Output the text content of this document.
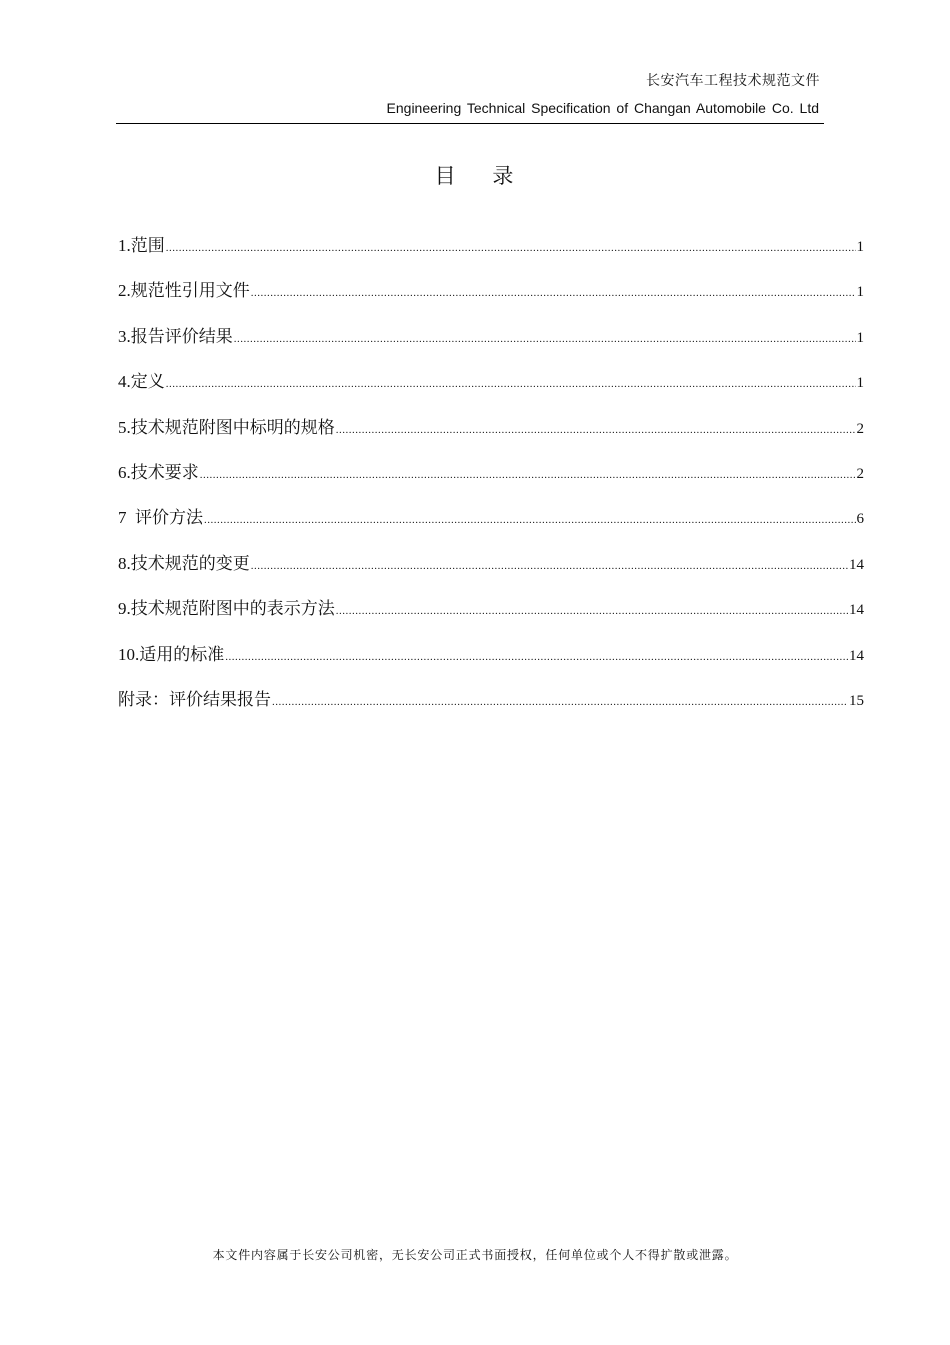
长安汽车工程技术规范文件
Engineering Technical Specification of Changan Automobile Co. Ltd
目    录
1.范围 .....	1
2.规范性引用文件 .....	1
3.报告评价结果 .....	1
4.定义 .....	1
5.技术规范附图中标明的规格 .....	2
6.技术要求 .....	2
7  评价方法 .....	6
8.技术规范的变更 .....	14
9.技术规范附图中的表示方法 .....	14
10.适用的标准 .....	14
附录：评价结果报告 .....	15
本文件内容属于长安公司机密，无长安公司正式书面授权，任何单位或个人不得扩散或泄露。
